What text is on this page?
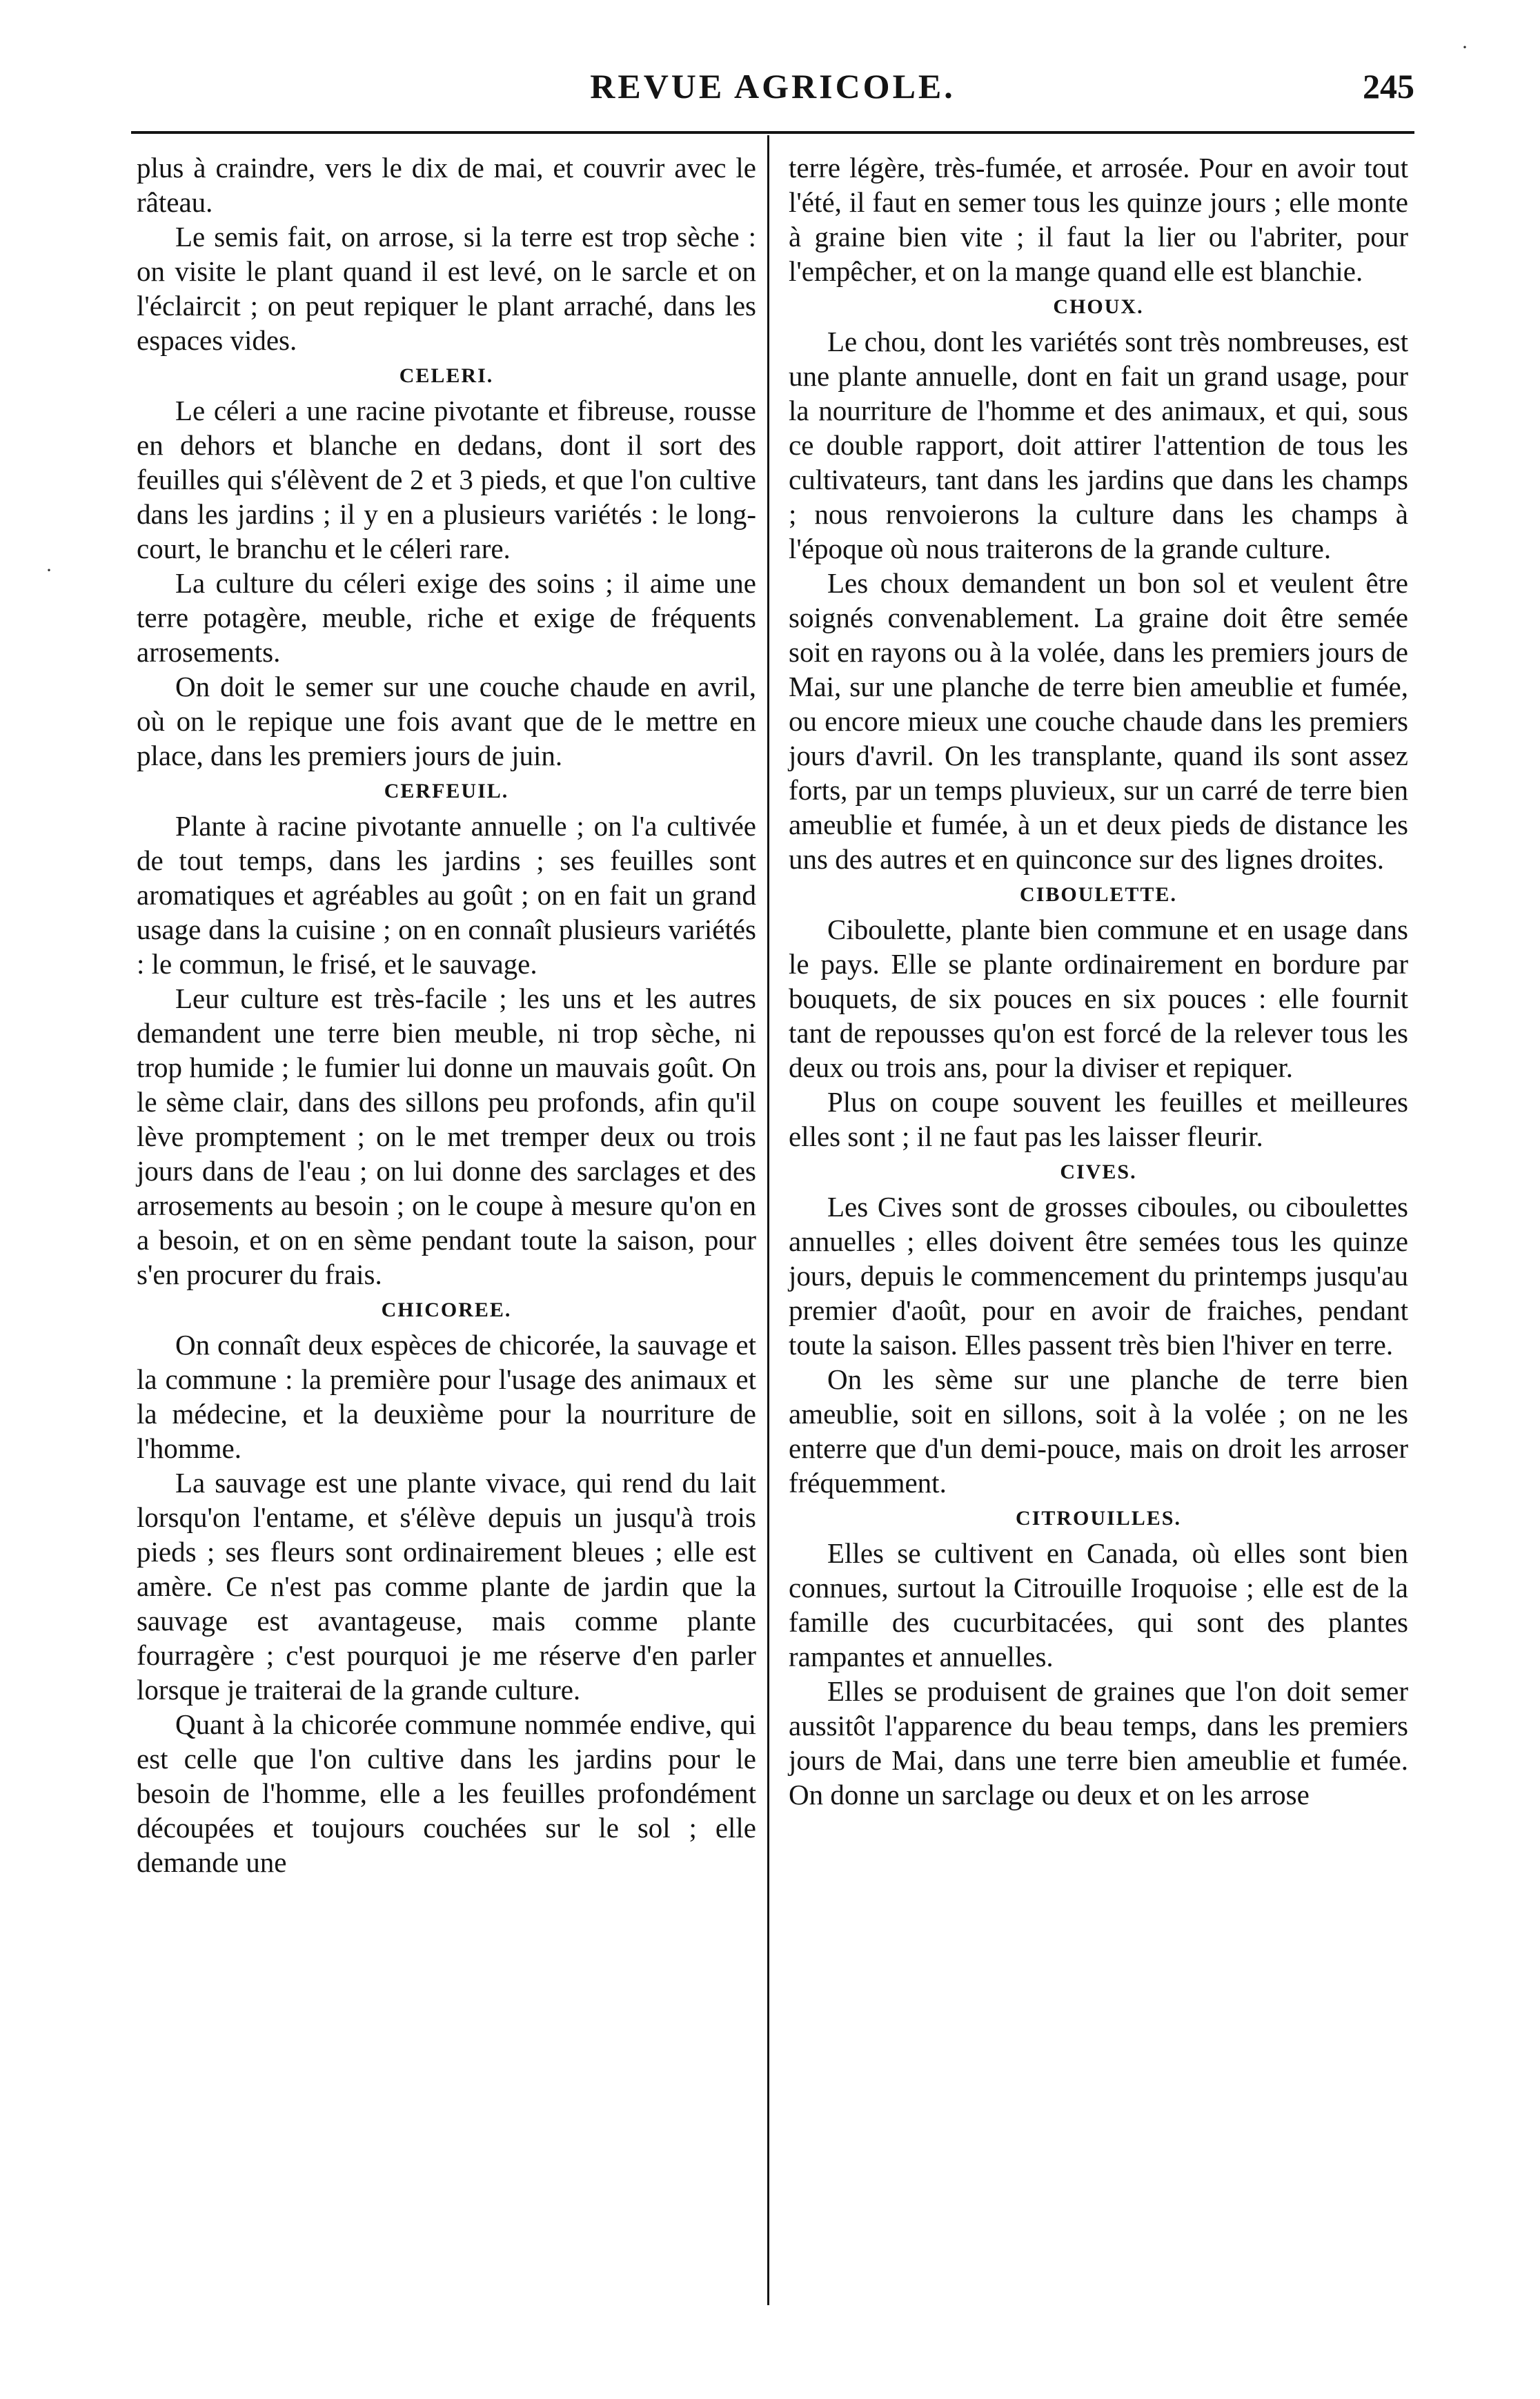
REVUE AGRICOLE.	245

plus à craindre, vers le dix de mai, et couvrir avec le râteau.

Le semis fait, on arrose, si la terre est trop sèche : on visite le plant quand il est levé, on le sarcle et on l'éclaircit ; on peut repiquer le plant arraché, dans les espaces vides.

CELERI.

Le céleri a une racine pivotante et fibreuse, rousse en dehors et blanche en dedans, dont il sort des feuilles qui s'élèvent de 2 et 3 pieds, et que l'on cultive dans les jardins ; il y en a plusieurs variétés : le long-court, le branchu et le céleri rare.

La culture du céleri exige des soins ; il aime une terre potagère, meuble, riche et exige de fréquents arrosements.

On doit le semer sur une couche chaude en avril, où on le repique une fois avant que de le mettre en place, dans les premiers jours de juin.

CERFEUIL.

Plante à racine pivotante annuelle ; on l'a cultivée de tout temps, dans les jardins ; ses feuilles sont aromatiques et agréables au goût ; on en fait un grand usage dans la cuisine ; on en connaît plusieurs variétés : le commun, le frisé, et le sauvage.

Leur culture est très-facile ; les uns et les autres demandent une terre bien meuble, ni trop sèche, ni trop humide ; le fumier lui donne un mauvais goût. On le sème clair, dans des sillons peu profonds, afin qu'il lève promptement ; on le met tremper deux ou trois jours dans de l'eau ; on lui donne des sarclages et des arrosements au besoin ; on le coupe à mesure qu'on en a besoin, et on en sème pendant toute la saison, pour s'en procurer du frais.

CHICOREE.

On connaît deux espèces de chicorée, la sauvage et la commune : la première pour l'usage des animaux et la médecine, et la deuxième pour la nourriture de l'homme.

La sauvage est une plante vivace, qui rend du lait lorsqu'on l'entame, et s'élève depuis un jusqu'à trois pieds ; ses fleurs sont ordinairement bleues ; elle est amère. Ce n'est pas comme plante de jardin que la sauvage est avantageuse, mais comme plante fourragère ; c'est pourquoi je me réserve d'en parler lorsque je traiterai de la grande culture.

Quant à la chicorée commune nommée endive, qui est celle que l'on cultive dans les jardins pour le besoin de l'homme, elle a les feuilles profondément découpées et toujours couchées sur le sol ; elle demande une

terre légère, très-fumée, et arrosée. Pour en avoir tout l'été, il faut en semer tous les quinze jours ; elle monte à graine bien vite ; il faut la lier ou l'abriter, pour l'empêcher, et on la mange quand elle est blanchie.

CHOUX.

Le chou, dont les variétés sont très nombreuses, est une plante annuelle, dont en fait un grand usage, pour la nourriture de l'homme et des animaux, et qui, sous ce double rapport, doit attirer l'attention de tous les cultivateurs, tant dans les jardins que dans les champs ; nous renvoierons la culture dans les champs à l'époque où nous traiterons de la grande culture.

Les choux demandent un bon sol et veulent être soignés convenablement. La graine doit être semée soit en rayons ou à la volée, dans les premiers jours de Mai, sur une planche de terre bien ameublie et fumée, ou encore mieux une couche chaude dans les premiers jours d'avril. On les transplante, quand ils sont assez forts, par un temps pluvieux, sur un carré de terre bien ameublie et fumée, à un et deux pieds de distance les uns des autres et en quinconce sur des lignes droites.

CIBOULETTE.

Ciboulette, plante bien commune et en usage dans le pays. Elle se plante ordinairement en bordure par bouquets, de six pouces en six pouces : elle fournit tant de repousses qu'on est forcé de la relever tous les deux ou trois ans, pour la diviser et repiquer.

Plus on coupe souvent les feuilles et meilleures elles sont ; il ne faut pas les laisser fleurir.

CIVES.

Les Cives sont de grosses ciboules, ou ciboulettes annuelles ; elles doivent être semées tous les quinze jours, depuis le commencement du printemps jusqu'au premier d'août, pour en avoir de fraiches, pendant toute la saison. Elles passent très bien l'hiver en terre.

On les sème sur une planche de terre bien ameublie, soit en sillons, soit à la volée ; on ne les enterre que d'un demi-pouce, mais on droit les arroser fréquemment.

CITROUILLES.

Elles se cultivent en Canada, où elles sont bien connues, surtout la Citrouille Iroquoise ; elle est de la famille des cucurbitacées, qui sont des plantes rampantes et annuelles.

Elles se produisent de graines que l'on doit semer aussitôt l'apparence du beau temps, dans les premiers jours de Mai, dans une terre bien ameublie et fumée. On donne un sarclage ou deux et on les arrose

·
·
